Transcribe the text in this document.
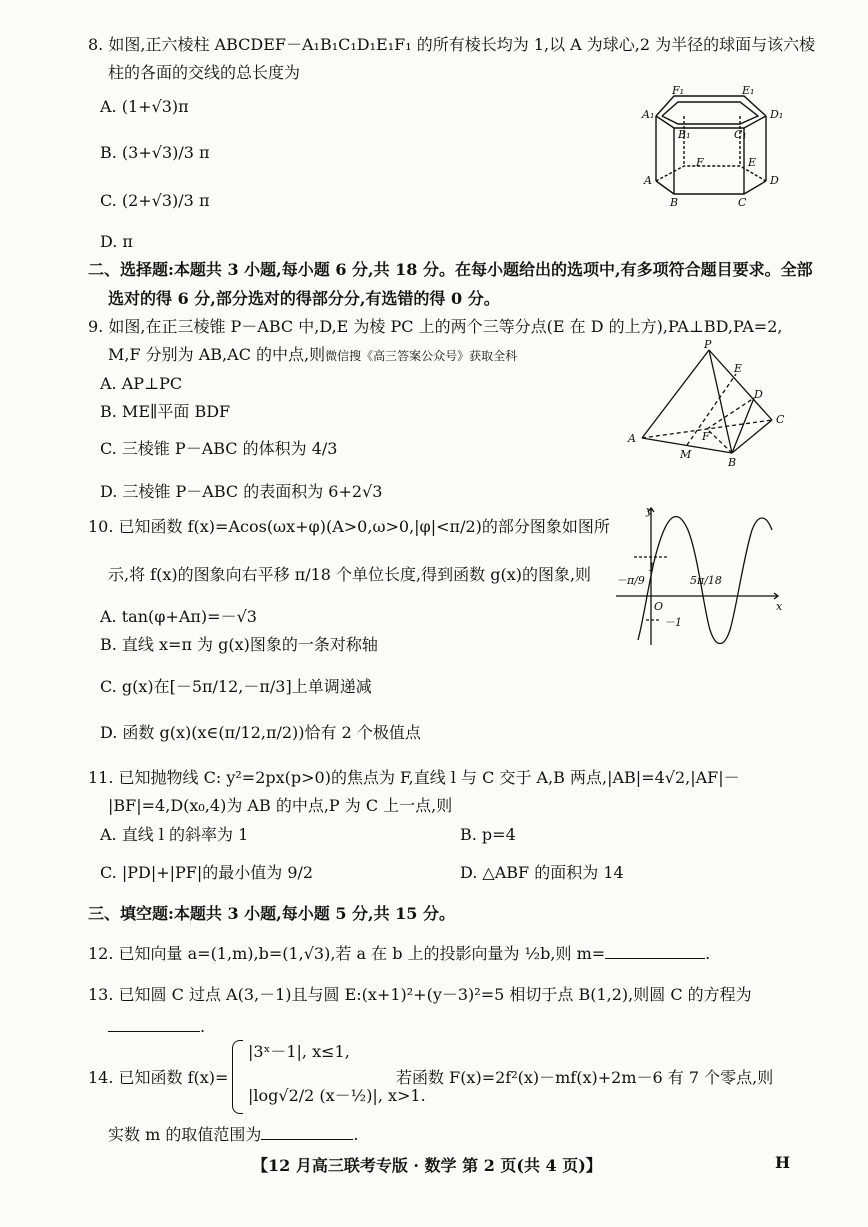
8. 如图,正六棱柱 ABCDEF－A₁B₁C₁D₁E₁F₁ 的所有棱长均为 1,以 A 为球心,2 为半径的球面与该六棱
柱的各面的交线的总长度为
A. (1+√3)π
B. (3+√3)/3 π
C. (2+√3)/3 π
D. π
A₁
F₁	E₁
D₁
B₁	C₁
F	E
A
B	C
D
二、选择题:本题共 3 小题,每小题 6 分,共 18 分。在每小题给出的选项中,有多项符合题目要求。全部
选对的得 6 分,部分选对的得部分分,有选错的得 0 分。
9. 如图,在正三棱锥 P－ABC 中,D,E 为棱 PC 上的两个三等分点(E 在 D 的上方),PA⊥BD,PA=2,
M,F 分别为 AB,AC 的中点,则微信搜《高三答案公众号》获取全科
A. AP⊥PC
B. ME∥平面 BDF
C. 三棱锥 P－ABC 的体积为 4/3
D. 三棱锥 P－ABC 的表面积为 6+2√3
P
E
D
C
A	F
M
B
10. 已知函数 f(x)=Acos(ωx+φ)(A>0,ω>0,|φ|<π/2)的部分图象如图所
示,将 f(x)的图象向右平移 π/18 个单位长度,得到函数 g(x)的图象,则
A. tan(φ+Aπ)=－√3
B. 直线 x=π 为 g(x)图象的一条对称轴
C. g(x)在[－5π/12,－π/3]上单调递减
D. 函数 g(x)(x∈(π/12,π/2))恰有 2 个极值点
y
1
－π/9
O
5π/18
x
－1
11. 已知抛物线 C: y²=2px(p>0)的焦点为 F,直线 l 与 C 交于 A,B 两点,|AB|=4√2,|AF|－
|BF|=4,D(x₀,4)为 AB 的中点,P 为 C 上一点,则
A. 直线 l 的斜率为 1	B. p=4
C. |PD|+|PF|的最小值为 9/2	D. △ABF 的面积为 14
三、填空题:本题共 3 小题,每小题 5 分,共 15 分。
12. 已知向量 a=(1,m),b=(1,√3),若 a 在 b 上的投影向量为 ½b,则 m=	.
13. 已知圆 C 过点 A(3,－1)且与圆 E:(x+1)²+(y－3)²=5 相切于点 B(1,2),则圆 C 的方程为
.
14. 已知函数 f(x)=
|3ˣ－1|, x≤1,
|log√2/2 (x－½)|, x>1.
若函数 F(x)=2f²(x)－mf(x)+2m－6 有 7 个零点,则
实数 m 的取值范围为	.
【12 月高三联考专版 · 数学 第 2 页(共 4 页)】	H
